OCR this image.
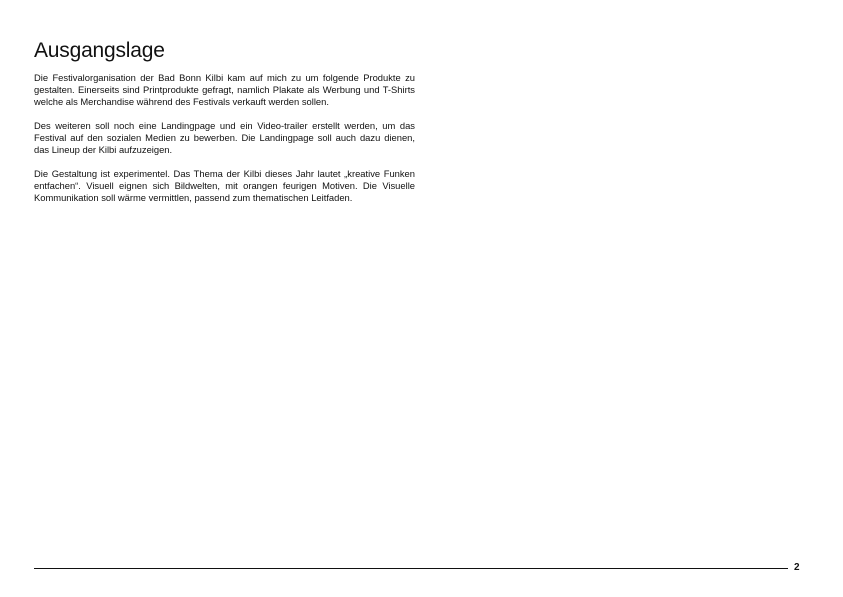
Ausgangslage

Die Festivalorganisation der Bad Bonn Kilbi kam auf mich zu um folgende Produkte zu gestalten. Einerseits sind Printprodukte gefragt, namlich Plakate als Werbung und T-Shirts welche als Merchandise während des Festivals verkauft werden sollen.

Des weiteren soll noch eine Landingpage und ein Video-trailer erstellt werden, um das Festival auf den sozialen Medien zu bewerben. Die Landingpage soll auch dazu dienen, das Lineup der Kilbi aufzuzeigen.

Die Gestaltung ist experimentel. Das Thema der Kilbi dieses Jahr lautet „kreative Funken entfachen“. Visuell eignen sich Bildwelten, mit orangen feurigen Motiven. Die Visuelle Kommunikation soll wärme vermittlen, passend zum thematischen Leitfaden.

2
